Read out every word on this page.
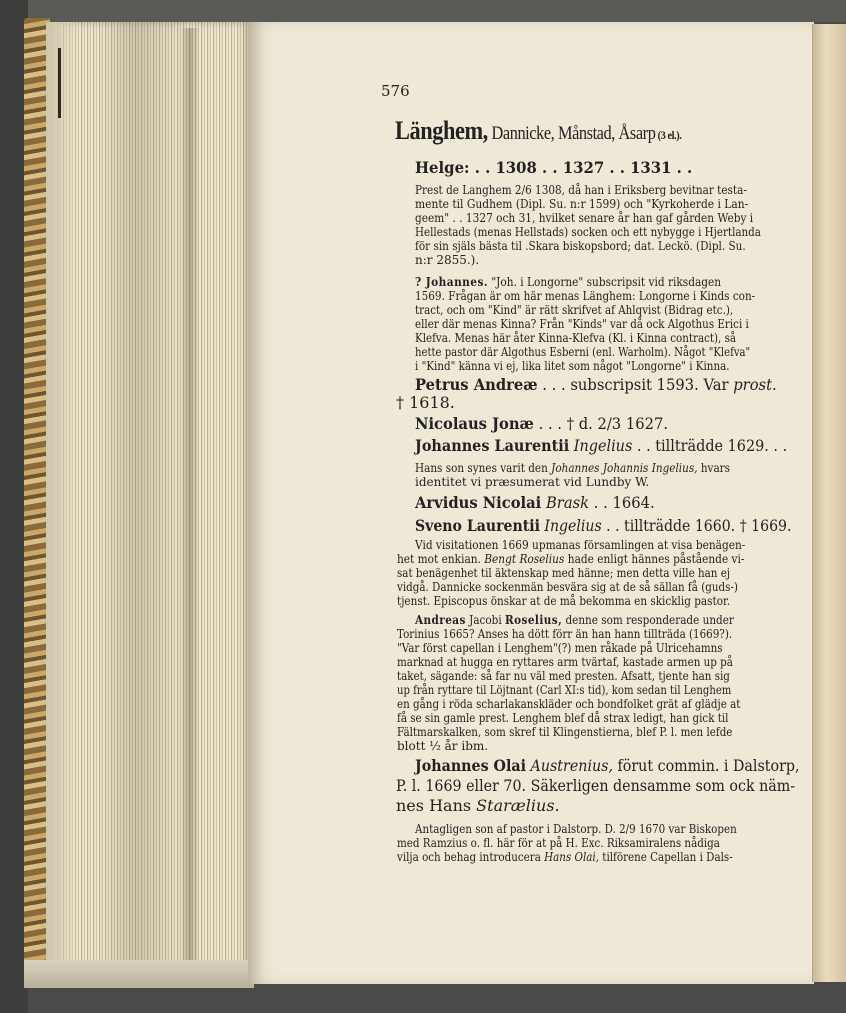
576

Länghem, Dannicke, Månstad, Åsarp (3 el.).

Helge: . . 1308 . . 1327 . . 1331 . .

Prest de Langhem 2/6 1308, då han i Eriksberg bevitnar testa-

mente til Gudhem (Dipl. Su. n:r 1599) och "Kyrkoherde i Lan-

geem" . . 1327 och 31, hvilket senare år han gaf gården Weby i

Hellestads (menas Hellstads) socken och ett nybygge i Hjertlanda

för sin själs bästa til .Skara biskopsbord; dat. Leckö. (Dipl. Su.

n:r 2855.).

? Johannes. "Joh. i Longorne" subscripsit vid riksdagen

1569. Frågan är om här menas Länghem: Longorne i Kinds con-

tract, och om "Kind" är rätt skrifvet af Ahlqvist (Bidrag etc.),

eller där menas Kinna? Från "Kinds" var då ock Algothus Erici i

Klefva. Menas här åter Kinna-Klefva (Kl. i Kinna contract), så

hette pastor där Algothus Esberni (enl. Warholm). Något "Klefva"

i "Kind" känna vi ej, lika litet som något "Longorne" i Kinna.

Petrus Andreæ . . . subscripsit 1593. Var prost.

† 1618.

Nicolaus Jonæ . . . † d. 2/3 1627.

Johannes Laurentii Ingelius . . tillträdde 1629. . .

Hans son synes varit den Johannes Johannis Ingelius, hvars

identitet vi præsumerat vid Lundby W.

Arvidus Nicolai Brask . . 1664.

Sveno Laurentii Ingelius . . tillträdde 1660. † 1669.

Vid visitationen 1669 upmanas församlingen at visa benägen-

het mot enkian. Bengt Roselius hade enligt hännes påstående vi-

sat benägenhet til äktenskap med hänne; men detta ville han ej

vidgå. Dannicke sockenmän besvära sig at de så sällan få (guds-)

tjenst. Episcopus önskar at de må bekomma en skicklig pastor.

Andreas Jacobi Roselius, denne som responderade under

Torinius 1665? Anses ha dött förr än han hann tillträda (1669?).

"Var först capellan i Lenghem"(?) men råkade på Ulricehamns

marknad at hugga en ryttares arm tvärtaf, kastade armen up på

taket, sägande: så far nu väl med presten. Afsatt, tjente han sig

up från ryttare til Löjtnant (Carl XI:s tid), kom sedan til Lenghem

en gång i röda scharlakanskläder och bondfolket grät af glädje at

få se sin gamle prest. Lenghem blef då strax ledigt, han gick til

Fältmarskalken, som skref til Klingenstierna, blef P. l. men lefde

blott ½ år ibm.

Johannes Olai Austrenius, förut commin. i Dalstorp,

P. l. 1669 eller 70. Säkerligen densamme som ock näm-

nes Hans Starælius.

Antagligen son af pastor i Dalstorp. D. 2/9 1670 var Biskopen

med Ramzius o. fl. här för at på H. Exc. Riksamiralens nådiga

vilja och behag introducera Hans Olai, tilförene Capellan i Dals-
